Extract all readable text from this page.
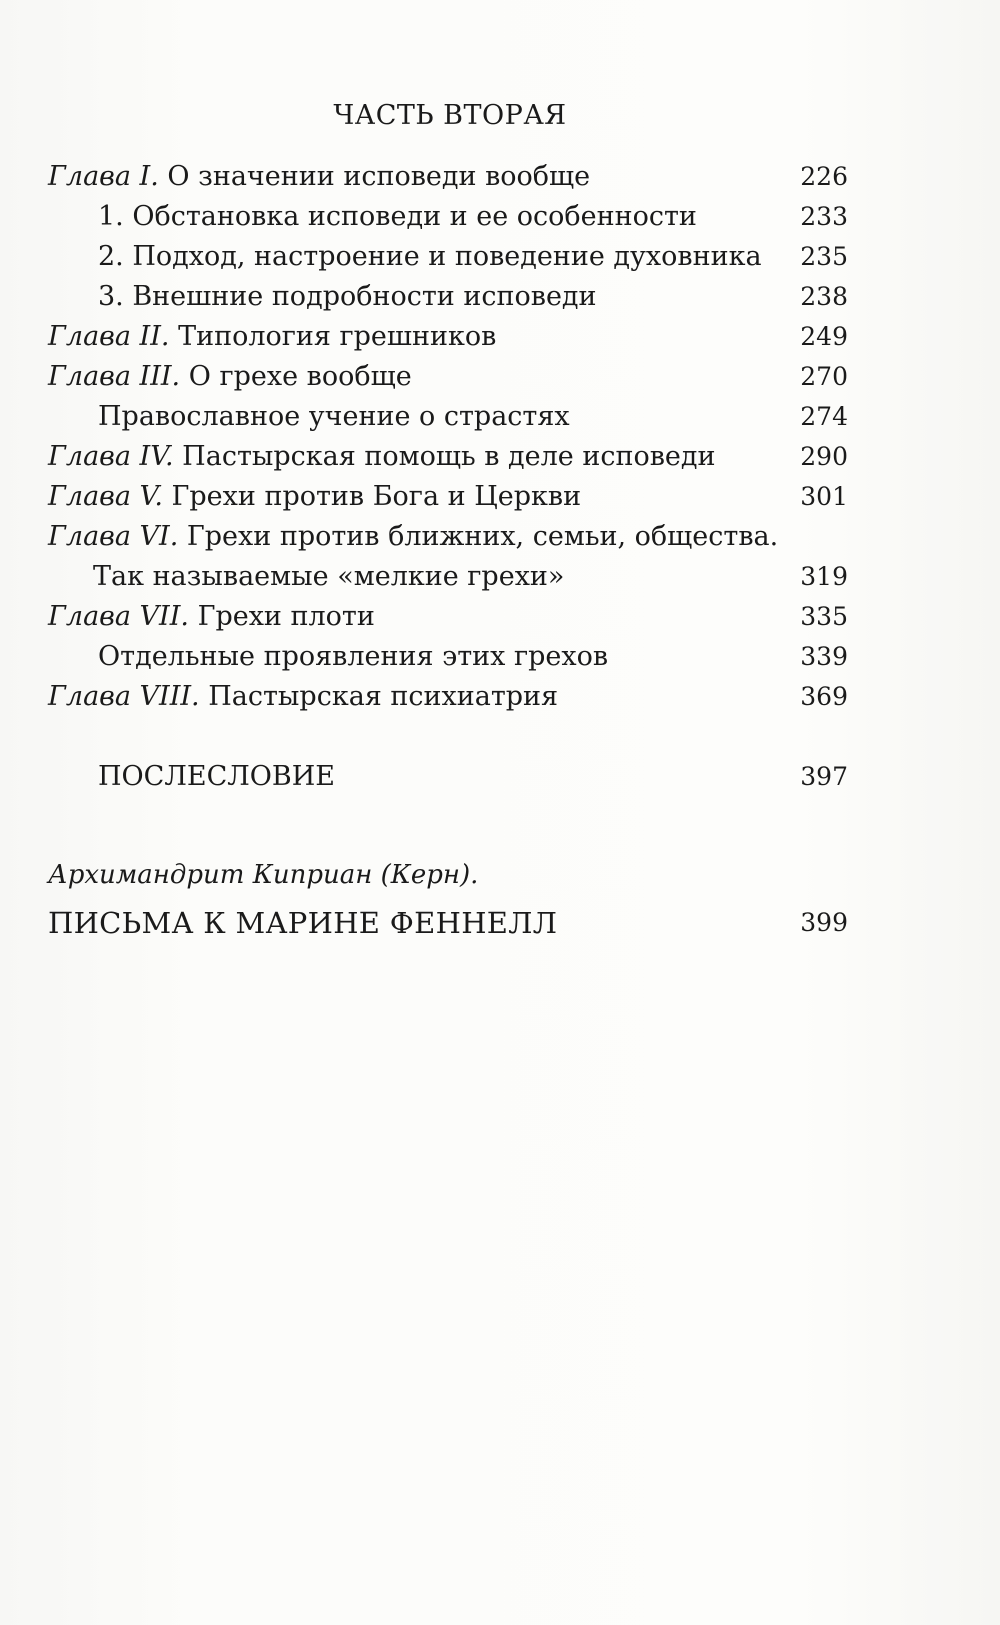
ЧАСТЬ ВТОРАЯ
Глава I. О значении исповеди вообще	226
1. Обстановка исповеди и ее особенности	233
2. Подход, настроение и поведение духовника 235
3. Внешние подробности исповеди	238
Глава II. Типология грешников	249
Глава III. О грехе вообще	270
Православное учение о страстях	274
Глава IV. Пастырская помощь в деле исповеди	290
Глава V. Грехи против Бога и Церкви	301
Глава VI. Грехи против ближних, семьи, общества.
Так называемые «мелкие грехи»	319
Глава VII. Грехи плоти	335
Отдельные проявления этих грехов	339
Глава VIII. Пастырская психиатрия	369
ПОСЛЕСЛОВИЕ	397
Архимандрит Киприан (Керн).
ПИСЬМА К МАРИНЕ ФЕННЕЛЛ	399
